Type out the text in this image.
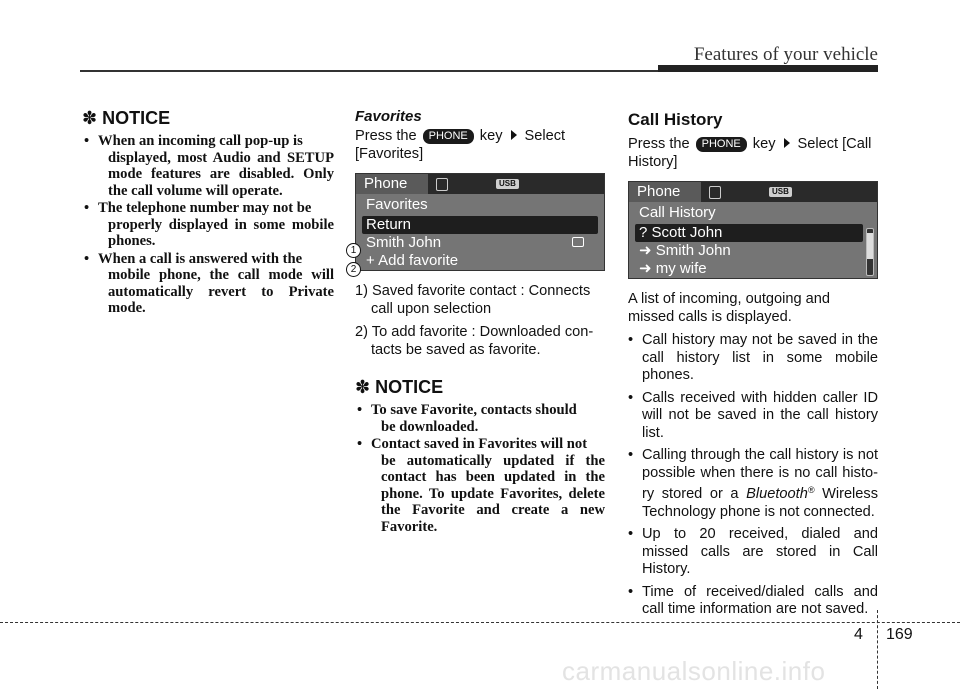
Features of your vehicle
✽ NOTICE
• When an incoming call pop-up is
displayed, most Audio and SETUP mode features are disabled. Only the call volume will operate.
• The telephone number may not be
properly displayed in some mobile phones.
• When a call is answered with the
mobile phone, the call mode will automatically revert to Private mode.
Favorites

Press the PHONE key Select
[Favorites]

Phone	USB
Favorites
Return
Smith John
+ Add favorite
1
2
1) Saved favorite contact : Connects
call upon selection
2) To add favorite : Downloaded con-
tacts be saved as favorite.
✽ NOTICE
• To save Favorite, contacts should
be downloaded.
• Contact saved in Favorites will not
be automatically updated if the contact has been updated in the phone. To update Favorites, delete the Favorite and create a new Favorite.
Call History

Press the PHONE key Select [Call
History]

Phone	USB
Call History
? Scott John
➜ Smith John
➜ my wife

A list of incoming, outgoing and missed calls is displayed.

• Call history may not be saved in the call history list in some mobile phones.
• Calls received with hidden caller ID will not be saved in the call history list.
• Calling through the call history is not possible when there is no call histo- ry stored or a Bluetooth® Wireless Technology phone is not connected.
• Up to 20 received, dialed and missed calls are stored in Call History.
• Time of received/dialed calls and call time information are not saved.
4 169
carmanualsonline.info
